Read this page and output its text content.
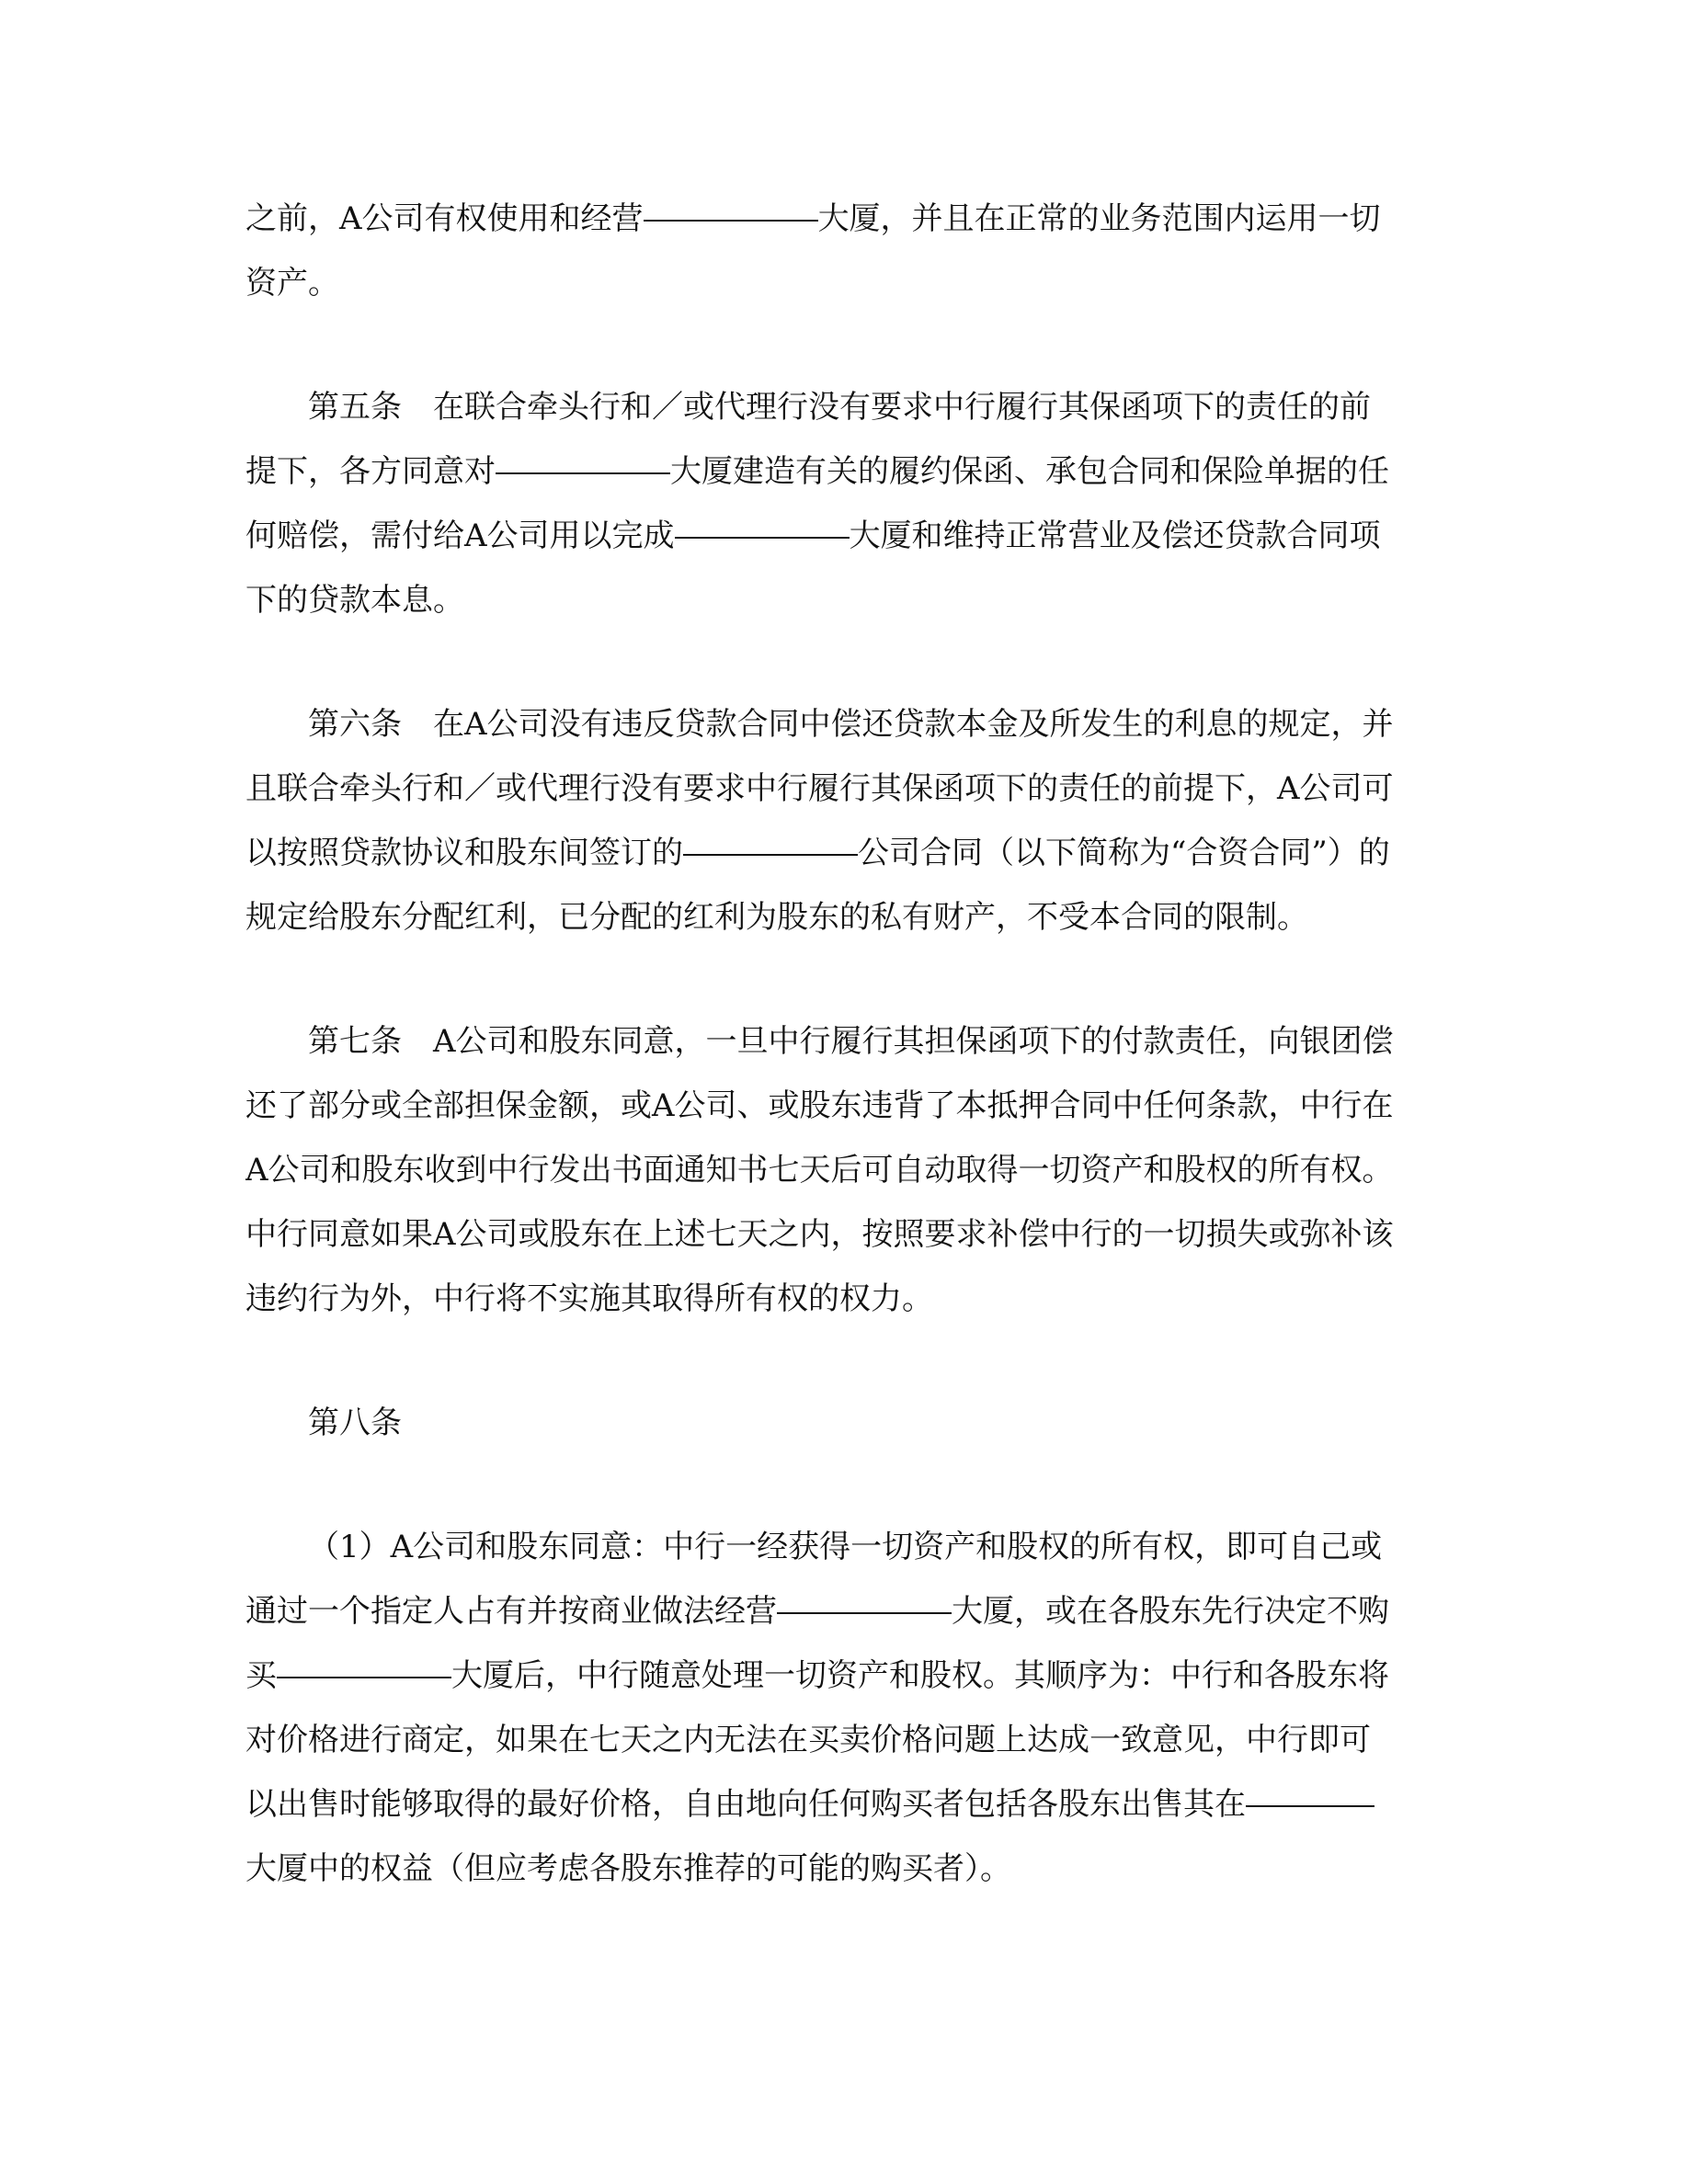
之前，A公司有权使用和经营	大厦，并且在正常的业务范围内运用一切
资产。
第五条 在联合牵头行和／或代理行没有要求中行履行其保函项下的责任的前
提下，各方同意对	大厦建造有关的履约保函、承包合同和保险单据的任
何赔偿，需付给A公司用以完成	大厦和维持正常营业及偿还贷款合同项
下的贷款本息。
第六条 在A公司没有违反贷款合同中偿还贷款本金及所发生的利息的规定，并
且联合牵头行和／或代理行没有要求中行履行其保函项下的责任的前提下，A公司可
以按照贷款协议和股东间签订的	公司合同（以下简称为“合资合同”）的
规定给股东分配红利，已分配的红利为股东的私有财产，不受本合同的限制。
第七条 A公司和股东同意，一旦中行履行其担保函项下的付款责任，向银团偿
还了部分或全部担保金额，或A公司、或股东违背了本抵押合同中任何条款，中行在
A公司和股东收到中行发出书面通知书七天后可自动取得一切资产和股权的所有权。
中行同意如果A公司或股东在上述七天之内，按照要求补偿中行的一切损失或弥补该
违约行为外，中行将不实施其取得所有权的权力。
第八条
（1）A公司和股东同意：中行一经获得一切资产和股权的所有权，即可自己或
通过一个指定人占有并按商业做法经营	大厦，或在各股东先行决定不购
买	大厦后，中行随意处理一切资产和股权。其顺序为：中行和各股东将
对价格进行商定，如果在七天之内无法在买卖价格问题上达成一致意见，中行即可
以出售时能够取得的最好价格，自由地向任何购买者包括各股东出售其在
大厦中的权益（但应考虑各股东推荐的可能的购买者）。
